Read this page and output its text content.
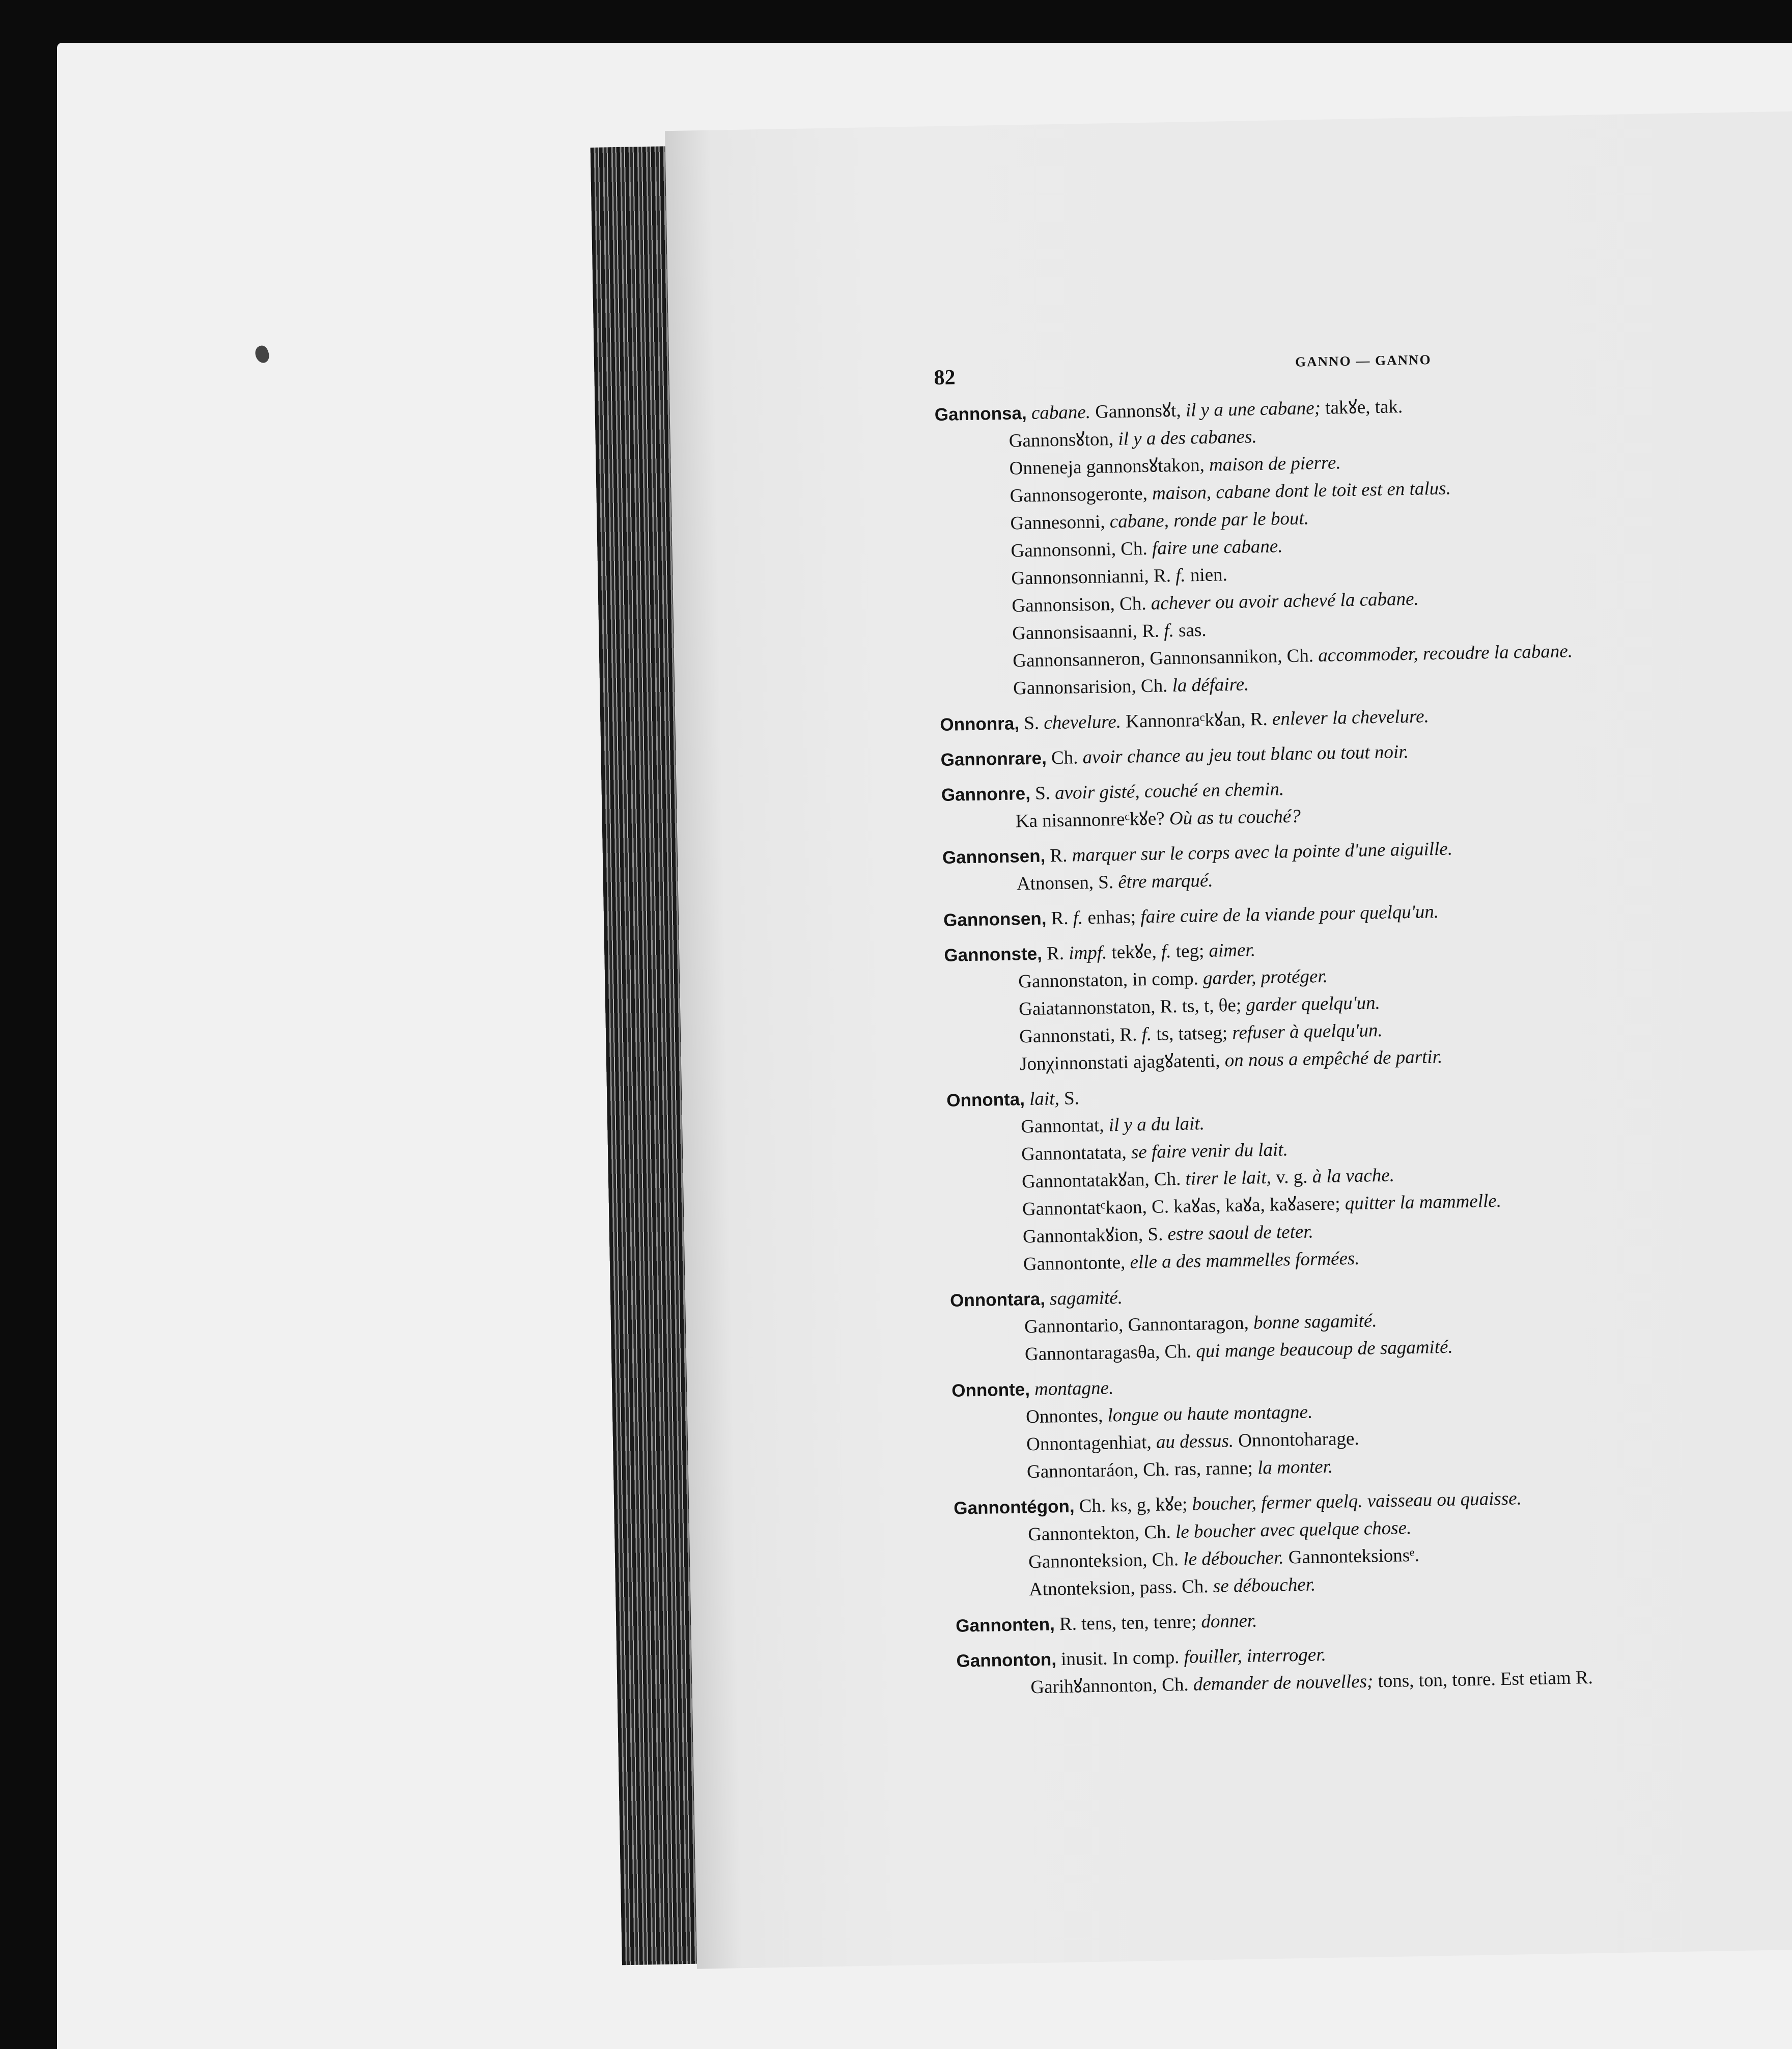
82
GANNO — GANNO
Gannonsa, cabane. Gannonsꙋt, il y a une cabane; takꙋe, tak.
Gannonsꙋton, il y a des cabanes.
Onneneja gannonsꙋtakon, maison de pierre.
Gannonsogeronte, maison, cabane dont le toit est en talus.
Gannesonni, cabane, ronde par le bout.
Gannonsonni, Ch. faire une cabane.
Gannonsonnianni, R. f. nien.
Gannonsison, Ch. achever ou avoir achevé la cabane.
Gannonsisaanni, R. f. sas.
Gannonsanneron, Gannonsannikon, Ch. accommoder, recoudre la cabane.
Gannonsarision, Ch. la défaire.
Onnonra, S. chevelure. Kannonraᶜkꙋan, R. enlever la chevelure.
Gannonrare, Ch. avoir chance au jeu tout blanc ou tout noir.
Gannonre, S. avoir gisté, couché en chemin.
Ka nisannonreᶜkꙋe? Où as tu couché?
Gannonsen, R. marquer sur le corps avec la pointe d'une aiguille.
Atnonsen, S. être marqué.
Gannonsen, R. f. enhas; faire cuire de la viande pour quelqu'un.
Gannonste, R. impf. tekꙋe, f. teg; aimer.
Gannonstaton, in comp. garder, protéger.
Gaiatannonstaton, R. ts, t, θe; garder quelqu'un.
Gannonstati, R. f. ts, tatseg; refuser à quelqu'un.
Jonχinnonstati ajagꙋatenti, on nous a empêché de partir.
Onnonta, lait, S.
Gannontat, il y a du lait.
Gannontatata, se faire venir du lait.
Gannontatakꙋan, Ch. tirer le lait, v. g. à la vache.
Gannontatᶜkaon, C. kaꙋas, kaꙋa, kaꙋasere; quitter la mammelle.
Gannontakꙋion, S. estre saoul de teter.
Gannontonte, elle a des mammelles formées.
Onnontara, sagamité.
Gannontario, Gannontaragon, bonne sagamité.
Gannontaragasθa, Ch. qui mange beaucoup de sagamité.
Onnonte, montagne.
Onnontes, longue ou haute montagne.
Onnontagenhiat, au dessus. Onnontoharage.
Gannontaráon, Ch. ras, ranne; la monter.
Gannontégon, Ch. ks, g, kꙋe; boucher, fermer quelq. vaisseau ou quaisse.
Gannontekton, Ch. le boucher avec quelque chose.
Gannonteksion, Ch. le déboucher. Gannonteksionsᵉ.
Atnonteksion, pass. Ch. se déboucher.
Gannonten, R. tens, ten, tenre; donner.
Gannonton, inusit. In comp. fouiller, interroger.
Garihꙋannonton, Ch. demander de nouvelles; tons, ton, tonre. Est etiam R.
